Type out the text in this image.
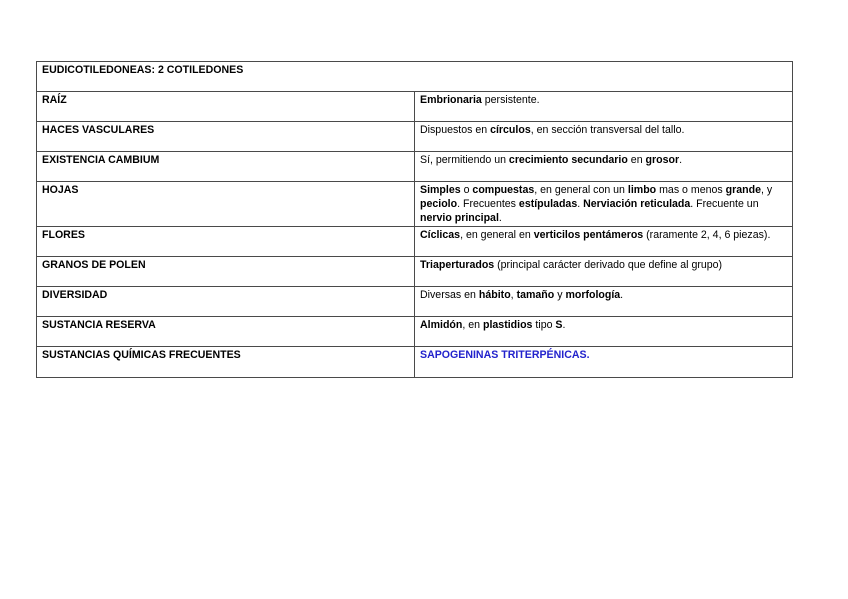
EUDICOTILEDONEAS: 2 COTILEDONES	
RAÍZ	Embrionaria persistente.
HACES VASCULARES	Dispuestos en círculos, en sección transversal del tallo.
EXISTENCIA CAMBIUM	Sí, permitiendo un crecimiento secundario en grosor.
HOJAS	Simples o compuestas, en general con un limbo mas o menos grande, y peciolo. Frecuentes estípuladas. Nerviación reticulada. Frecuente un nervio principal.
FLORES	Cíclicas, en general en verticilos pentámeros (raramente 2, 4, 6 piezas).
GRANOS DE POLEN	Triaperturados (principal carácter derivado que define al grupo)
DIVERSIDAD	Diversas en hábito, tamaño y morfología.
SUSTANCIA RESERVA	Almidón, en plastidios tipo S.
SUSTANCIAS QUÍMICAS FRECUENTES	SAPOGENINAS TRITERPÉNICAS.
